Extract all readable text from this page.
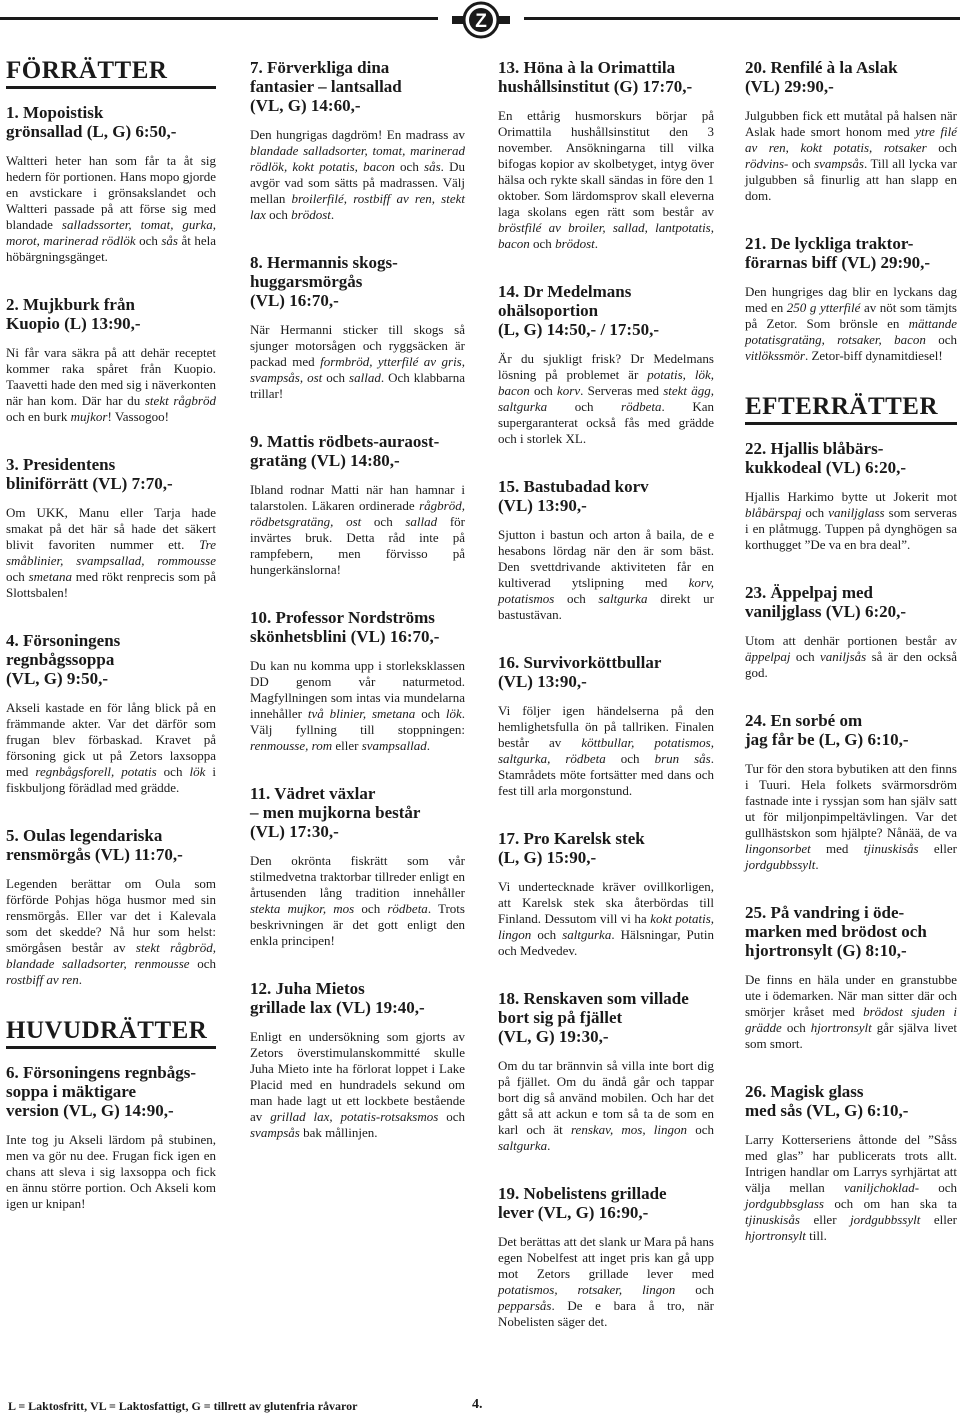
Z
FÖRRÄTTER
1. Mopoistisk
grönsallad (L, G) 6:50,-
Waltteri heter han som får ta åt sig hedern för portionen. Hans mopo gjorde en avstickare i grönsakslandet och Waltteri passade på att förse sig med blandade salladssorter, tomat, gurka, morot, marinerad rödlök och sås åt hela höbärgningsgänget.
2. Mujkburk från
Kuopio (L) 13:90,-
Ni får vara säkra på att dehär receptet kommer raka spåret från Kuopio. Taavetti hade den med sig i näverkonten när han kom. Där har du stekt rågbröd och en burk mujkor! Vassogoo!
3. Presidentens
bliniförrätt (VL) 7:70,-
Om UKK, Manu eller Tarja hade smakat på det här så hade det säkert blivit favoriten nummer ett. Tre småblinier, svampsallad, rommousse och smetana med rökt renprecis som på Slottsbalen!
4. Försoningens
regnbågssoppa
(VL, G) 9:50,-
Akseli kastade en för lång blick på en främmande akter. Var det därför som frugan blev förbaskad. Kravet på försoning gick ut på Zetors laxsoppa med regnbågsforell, potatis och lök i fiskbuljong förädlad med grädde.
5. Oulas legendariska
rensmörgås (VL) 11:70,-
Legenden berättar om Oula som förförde Pohjas höga husmor med sin rensmörgås. Eller var det i Kalevala som det skedde? Nå hur som helst: smörgåsen består av stekt rågbröd, blandade salladsorter, renmousse och rostbiff av ren.
HUVUDRÄTTER
6. Försoningens regnbågs-
soppa i mäktigare
version (VL, G) 14:90,-
Inte tog ju Akseli lärdom på stubinen, men va gör nu dee. Frugan fick igen en chans att sleva i sig laxsoppa och fick en ännu större portion. Och Akseli kom igen ur knipan!
7. Förverkliga dina
fantasier – lantsallad
(VL, G) 14:60,-
Den hungrigas dagdröm! En madrass av blandade salladsorter, tomat, marinerad rödlök, kokt potatis, bacon och sås. Du avgör vad som sätts på madrassen. Välj mellan broilerfilé, rostbiff av ren, stekt lax och brödost.
8. Hermannis skogs-
huggarsmörgås
(VL) 16:70,-
När Hermanni sticker till skogs så sjunger motorsågen och ryggsäcken är packad med formbröd, ytterfilé av gris, svampsås, ost och sallad. Och klabbarna trillar!
9. Mattis rödbets-auraost-
gratäng (VL) 14:80,-
Ibland rodnar Matti när han hamnar i talarstolen. Läkaren ordinerade rågbröd, rödbetsgratäng, ost och sallad för invärtes bruk. Detta råd inte på rampfebern, men förvisso på hungerkänslorna!
10. Professor Nordströms
skönhetsblini (VL) 16:70,-
Du kan nu komma upp i storleksklassen DD genom vår naturmetod. Magfyllningen som intas via mundelarna innehåller två blinier, smetana och lök. Välj fyllning till stoppningen: renmousse, rom eller svampsallad.
11. Vädret växlar
– men mujkorna består
(VL) 17:30,-
Den okrönta fiskrätt som vår stilmedvetna traktorbar tillreder enligt en årtusenden lång tradition innehåller stekta mujkor, mos och rödbeta. Trots beskrivningen är det gott enligt den enkla principen!
12. Juha Mietos
grillade lax (VL) 19:40,-
Enligt en undersökning som gjorts av Zetors överstimulanskommitté skulle Juha Mieto inte ha förlorat loppet i Lake Placid med en hundradels sekund om man hade lagt ut ett lockbete bestående av grillad lax, potatis-rotsaksmos och svampsås bak mållinjen.
13. Höna à la Orimattila
hushållsinstitut (G) 17:70,-
En ettårig husmorskurs börjar på Orimattila hushållsinstitut den 3 november. Ansökningarna till vilka bifogas kopior av skolbetyget, intyg över hälsa och rykte skall sändas in före den 1 oktober. Som lärdomsprov skall eleverna laga skolans egen rätt som består av bröstfilé av broiler, sallad, lantpotatis, bacon och brödost.
14. Dr Medelmans
ohälsoportion
(L, G) 14:50,- / 17:50,-
Är du sjukligt frisk? Dr Medelmans lösning på problemet är potatis, lök, bacon och korv. Serveras med stekt ägg, saltgurka och rödbeta. Kan supergaranterat också fås med grädde och i storlek XL.
15. Bastubadad korv
(VL) 13:90,-
Sjutton i bastun och arton å baila, de e hesabons lördag när den är som bäst. Den svettdrivande aktiviteten får en kultiverad ytslipning med korv, potatismos och saltgurka direkt ur bastustävan.
16. Survivorköttbullar
(VL) 13:90,-
Vi följer igen händelserna på den hemlighetsfulla ön på tallriken. Finalen består av köttbullar, potatismos, saltgurka, rödbeta och brun sås. Stamrådets möte fortsätter med dans och fest till arla morgonstund.
17. Pro Karelsk stek
(L, G) 15:90,-
Vi undertecknade kräver ovillkorligen, att Karelsk stek ska återbördas till Finland. Dessutom vill vi ha kokt potatis, lingon och saltgurka. Hälsningar, Putin och Medvedev.
18. Renskaven som villade
bort sig på fjället
(VL, G) 19:30,-
Om du tar brännvin så villa inte bort dig på fjället. Om du ändå går och tappar bort dig så använd mobilen. Och har det gått så att ackun e tom så ta de som en karl och ät renskav, mos, lingon och saltgurka.
19. Nobelistens grillade
lever (VL, G) 16:90,-
Det berättas att det slank ur Mara på hans egen Nobelfest att inget pris kan gå upp mot Zetors grillade lever med potatismos, rotsaker, lingon och pepparsås. De e bara å tro, när Nobelisten säger det.
20. Renfilé à la Aslak
(VL) 29:90,-
Julgubben fick ett mutåtal på halsen när Aslak hade smort honom med ytre filé av ren, kokt potatis, rotsaker och rödvins- och svampsås. Till all lycka var julgubben så finurlig att han slapp en dom.
21. De lyckliga traktor-
förarnas biff (VL) 29:90,-
Den hungriges dag blir en lyckans dag med en 250 g ytterfilé av nöt som tämjts på Zetor. Som brönsle en mättande potatisgratäng, rotsaker, bacon och vitlökssmör. Zetor-biff dynamitdiesel!
EFTERRÄTTER
22. Hjallis blåbärs-
kukkodeal (VL) 6:20,-
Hjallis Harkimo bytte ut Jokerit mot blåbärspaj och vaniljglass som serveras i en plåtmugg. Tuppen på dynghögen sa korthugget ”De va en bra deal”.
23. Äppelpaj med
vaniljglass (VL) 6:20,-
Utom att denhär portionen består av äppelpaj och vaniljsås så är den också god.
24. En sorbé om
jag får be (L, G) 6:10,-
Tur för den stora bybutiken att den finns i Tuuri. Hela folkets svärmorsdröm fastnade inte i ryssjan som han själv satt ut för miljonpimpeltävlingen. Var det gullhästskon som hjälpte? Nånää, de va lingonsorbet med tjinuskisås eller jordgubbssylt.
25. På vandring i öde-
marken med brödost och
hjortronsylt (G) 8:10,-
De finns en häla under en granstubbe ute i ödemarken. När man sitter där och smörjer kråset med brödost sjuden i grädde och hjortronsylt går själva livet som smort.
26. Magisk glass
med sås (VL, G) 6:10,-
Larry Kotterseriens åttonde del ”Såss med glas” har publicerats trots allt. Intrigen handlar om Larrys syrhjärtat att välja mellan vaniljchoklad- och jordgubbsglass och om han ska ta tjinuskisås eller jordgubbssylt eller hjortronsylt till.
L = Laktosfritt, VL = Laktosfattigt, G = tillrett av glutenfria råvaror	4.
